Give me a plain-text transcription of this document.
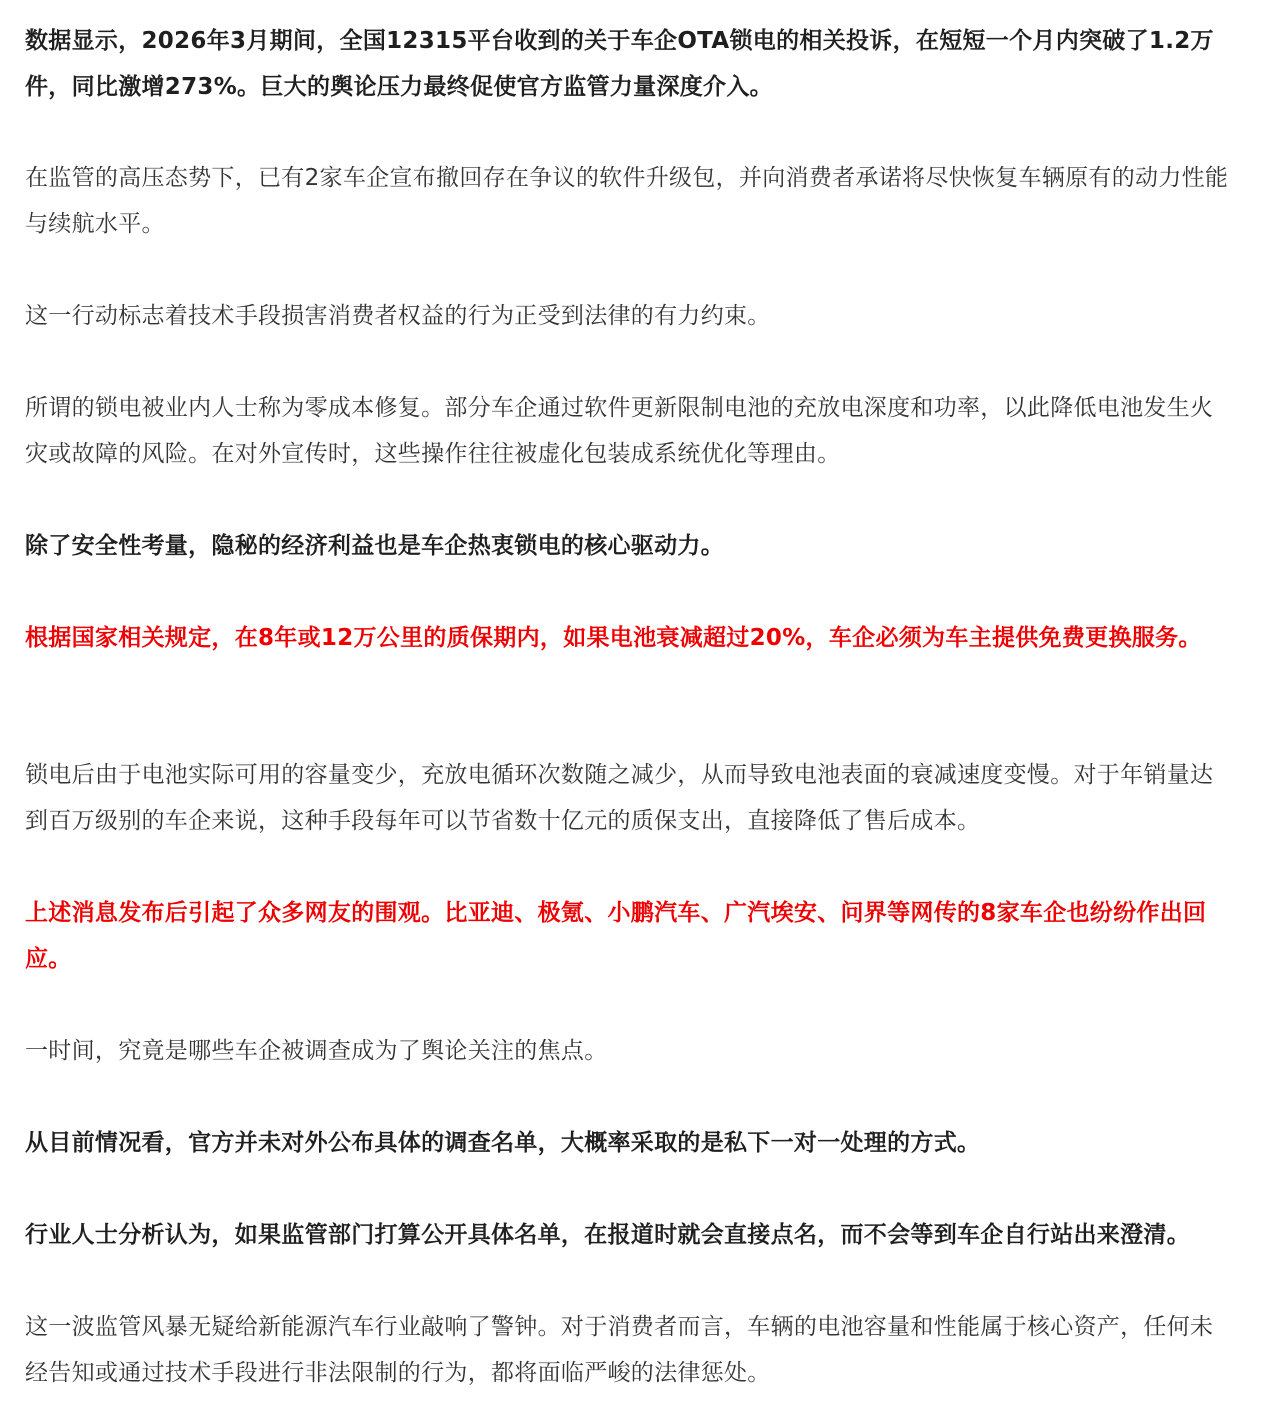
数据显示，2026年3月期间，全国12315平台收到的关于车企OTA锁电的相关投诉，在短短一个月内突破了1.2万件，同比激增273%。巨大的舆论压力最终促使官方监管力量深度介入。

在监管的高压态势下，已有2家车企宣布撤回存在争议的软件升级包，并向消费者承诺将尽快恢复车辆原有的动力性能与续航水平。

这一行动标志着技术手段损害消费者权益的行为正受到法律的有力约束。

所谓的锁电被业内人士称为零成本修复。部分车企通过软件更新限制电池的充放电深度和功率，以此降低电池发生火灾或故障的风险。在对外宣传时，这些操作往往被虚化包装成系统优化等理由。

除了安全性考量，隐秘的经济利益也是车企热衷锁电的核心驱动力。

根据国家相关规定，在8年或12万公里的质保期内，如果电池衰减超过20%，车企必须为车主提供免费更换服务。

锁电后由于电池实际可用的容量变少，充放电循环次数随之减少，从而导致电池表面的衰减速度变慢。对于年销量达到百万级别的车企来说，这种手段每年可以节省数十亿元的质保支出，直接降低了售后成本。

上述消息发布后引起了众多网友的围观。比亚迪、极氪、小鹏汽车、广汽埃安、问界等网传的8家车企也纷纷作出回应。

一时间，究竟是哪些车企被调查成为了舆论关注的焦点。

从目前情况看，官方并未对外公布具体的调查名单，大概率采取的是私下一对一处理的方式。

行业人士分析认为，如果监管部门打算公开具体名单，在报道时就会直接点名，而不会等到车企自行站出来澄清。

这一波监管风暴无疑给新能源汽车行业敲响了警钟。对于消费者而言，车辆的电池容量和性能属于核心资产，任何未经告知或通过技术手段进行非法限制的行为，都将面临严峻的法律惩处。
